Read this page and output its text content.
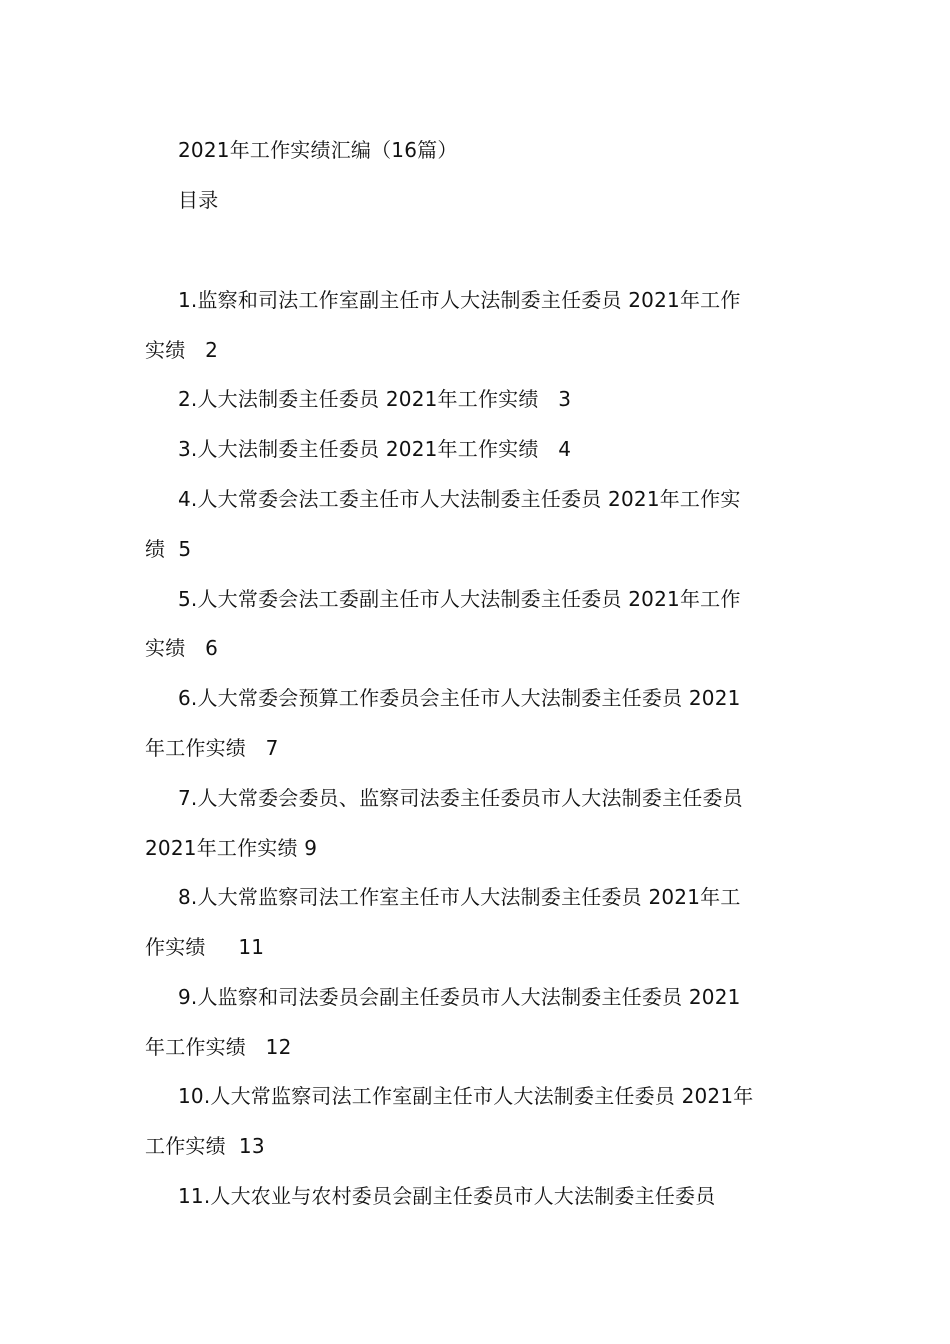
2021年工作实绩汇编（16篇）
目录
1.监察和司法工作室副主任市人大法制委主任委员 2021年工作
实绩   2
2.人大法制委主任委员 2021年工作实绩   3
3.人大法制委主任委员 2021年工作实绩   4
4.人大常委会法工委主任市人大法制委主任委员 2021年工作实
绩  5
5.人大常委会法工委副主任市人大法制委主任委员 2021年工作
实绩   6
6.人大常委会预算工作委员会主任市人大法制委主任委员 2021
年工作实绩   7
7.人大常委会委员、监察司法委主任委员市人大法制委主任委员
2021年工作实绩 9
8.人大常监察司法工作室主任市人大法制委主任委员 2021年工
作实绩     11
9.人监察和司法委员会副主任委员市人大法制委主任委员 2021
年工作实绩   12
10.人大常监察司法工作室副主任市人大法制委主任委员 2021年
工作实绩  13
11.人大农业与农村委员会副主任委员市人大法制委主任委员
